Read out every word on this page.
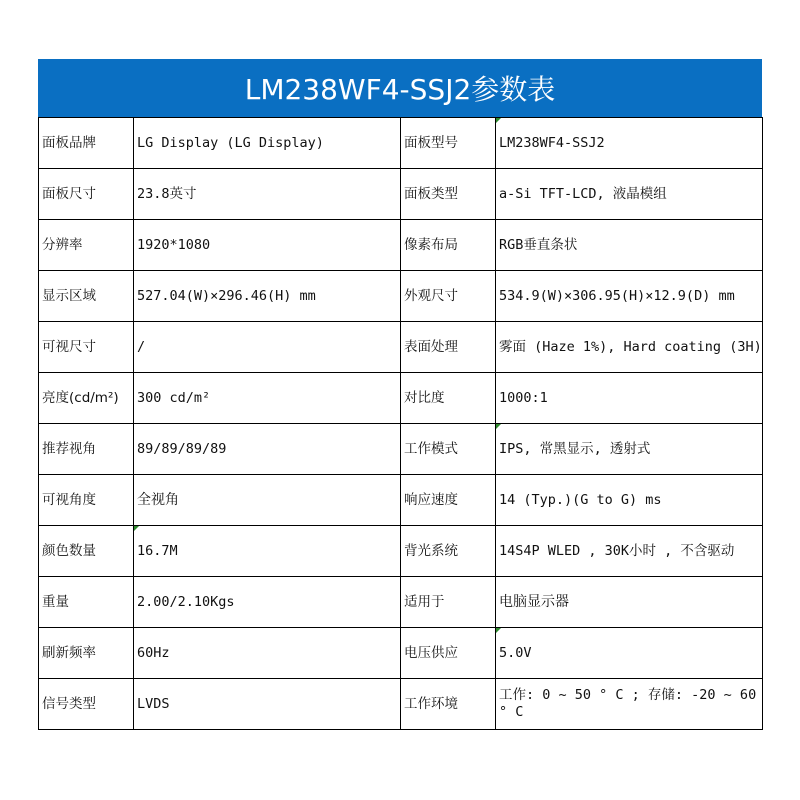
LM238WF4-SSJ2参数表
面板品牌	LG Display (LG Display)	面板型号	LM238WF4-SSJ2
面板尺寸	23.8英寸	面板类型	a-Si TFT-LCD, 液晶模组
分辨率	1920*1080	像素布局	RGB垂直条状
显示区域	527.04(W)×296.46(H) mm	外观尺寸	534.9(W)×306.95(H)×12.9(D) mm
可视尺寸	/	表面处理	雾面 (Haze 1%), Hard coating (3H)
亮度(cd/m²)	300 cd/m²	对比度	1000:1
推荐视角	89/89/89/89	工作模式	IPS, 常黑显示, 透射式
可视角度	全视角	响应速度	14 (Typ.)(G to G) ms
颜色数量	16.7M	背光系统	14S4P WLED , 30K小时 , 不含驱动
重量	2.00/2.10Kgs	适用于	电脑显示器
刷新频率	60Hz	电压供应	5.0V
信号类型	LVDS	工作环境	工作: 0 ~ 50 ° C ; 存储: -20 ~ 60 ° C
